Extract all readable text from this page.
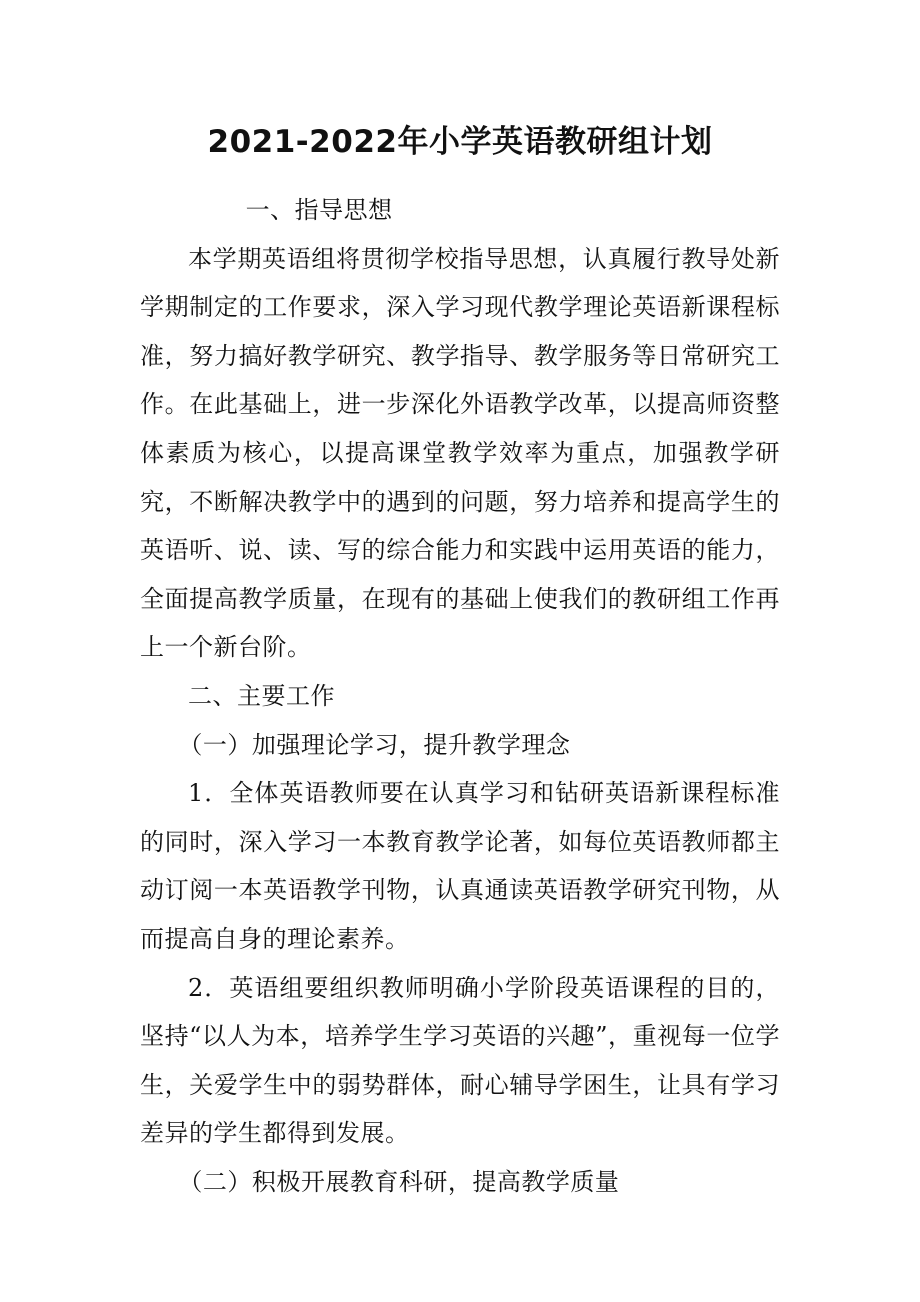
2021-2022年小学英语教研组计划

一、指导思想

本学期英语组将贯彻学校指导思想，认真履行教导处新学期制定的工作要求，深入学习现代教学理论英语新课程标准，努力搞好教学研究、教学指导、教学服务等日常研究工作。在此基础上，进一步深化外语教学改革，以提高师资整体素质为核心，以提高课堂教学效率为重点，加强教学研究，不断解决教学中的遇到的问题，努力培养和提高学生的英语听、说、读、写的综合能力和实践中运用英语的能力，全面提高教学质量，在现有的基础上使我们的教研组工作再上一个新台阶。

二、主要工作

（一）加强理论学习，提升教学理念

1．全体英语教师要在认真学习和钻研英语新课程标准的同时，深入学习一本教育教学论著，如每位英语教师都主动订阅一本英语教学刊物，认真通读英语教学研究刊物，从而提高自身的理论素养。

2．英语组要组织教师明确小学阶段英语课程的目的，坚持“以人为本，培养学生学习英语的兴趣”，重视每一位学生，关爱学生中的弱势群体，耐心辅导学困生，让具有学习差异的学生都得到发展。

（二）积极开展教育科研，提高教学质量
